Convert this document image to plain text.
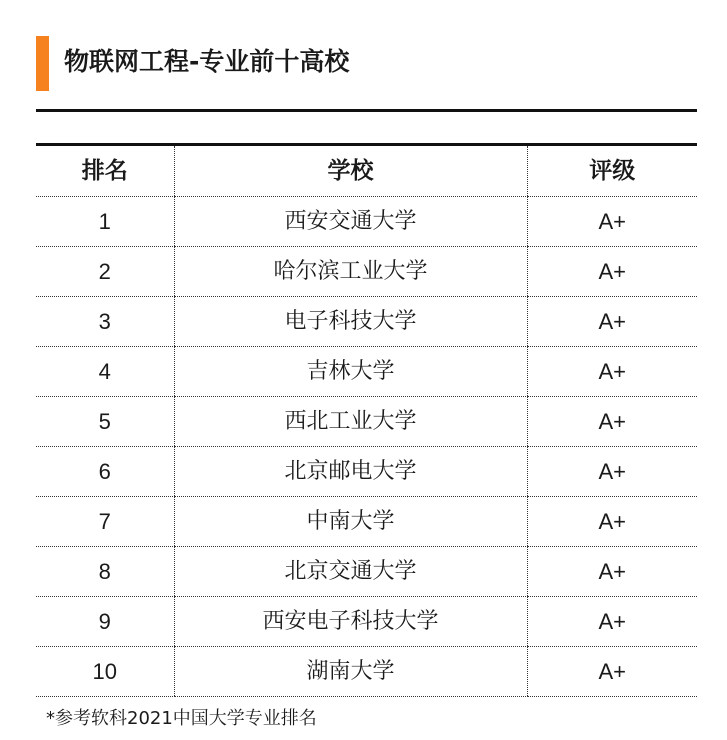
物联网工程-专业前十高校
排名	学校	评级
1	西安交通大学	A+
2	哈尔滨工业大学	A+
3	电子科技大学	A+
4	吉林大学	A+
5	西北工业大学	A+
6	北京邮电大学	A+
7	中南大学	A+
8	北京交通大学	A+
9	西安电子科技大学	A+
10	湖南大学	A+
*参考软科2021中国大学专业排名
